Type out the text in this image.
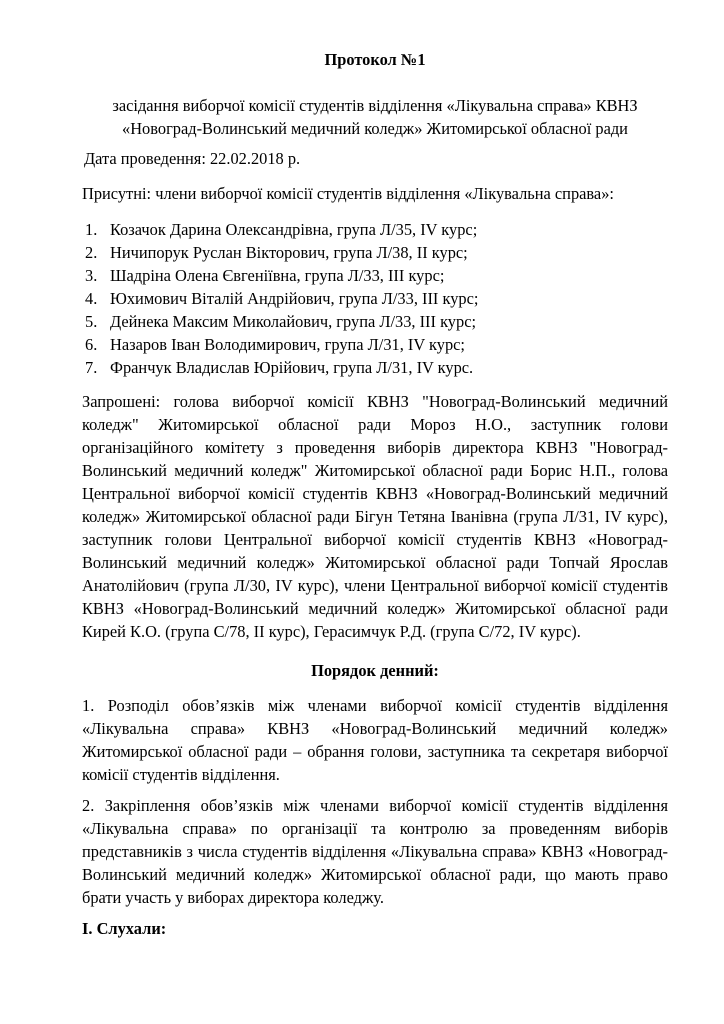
Протокол №1

засідання виборчої комісії студентів відділення «Лікувальна справа» КВНЗ «Новоград-Волинський медичний коледж» Житомирської обласної ради

Дата проведення: 22.02.2018 р.

Присутні: члени виборчої комісії студентів відділення «Лікувальна справа»:

Козачок Дарина Олександрівна, група Л/35, IV курс;
Ничипорук Руслан Вікторович, група Л/38, II курс;
Шадріна Олена Євгеніївна, група Л/33, III курс;
Юхимович Віталій Андрійович, група Л/33, III курс;
Дейнека Максим Миколайович, група Л/33, III курс;
Назаров Іван Володимирович, група Л/31, IV курс;
Франчук Владислав Юрійович, група Л/31, IV курс.

Запрошені: голова виборчої комісії КВНЗ "Новоград-Волинський медичний коледж" Житомирської обласної ради Мороз Н.О., заступник голови організаційного комітету з проведення виборів директора КВНЗ "Новоград-Волинський медичний коледж" Житомирської обласної ради Борис Н.П., голова Центральної виборчої комісії студентів КВНЗ «Новоград-Волинський медичний коледж» Житомирської обласної ради Бігун Тетяна Іванівна (група Л/31, IV курс), заступник голови Центральної виборчої комісії студентів КВНЗ «Новоград-Волинський медичний коледж» Житомирської обласної ради Топчай Ярослав Анатолійович (група Л/30, IV курс), члени Центральної виборчої комісії студентів КВНЗ «Новоград-Волинський медичний коледж» Житомирської обласної ради Кирей К.О. (група С/78, II курс), Герасимчук Р.Д. (група С/72, IV курс).

Порядок денний:

1. Розподіл обов’язків між членами виборчої комісії студентів відділення «Лікувальна справа» КВНЗ «Новоград-Волинський медичний коледж» Житомирської обласної ради – обрання голови, заступника та секретаря виборчої комісії студентів відділення.

2. Закріплення обов’язків між членами виборчої комісії студентів відділення «Лікувальна справа» по організації та контролю за проведенням виборів представників з числа студентів відділення «Лікувальна справа» КВНЗ «Новоград-Волинський медичний коледж» Житомирської обласної ради, що мають право брати участь у виборах директора коледжу.

І. Слухали:
